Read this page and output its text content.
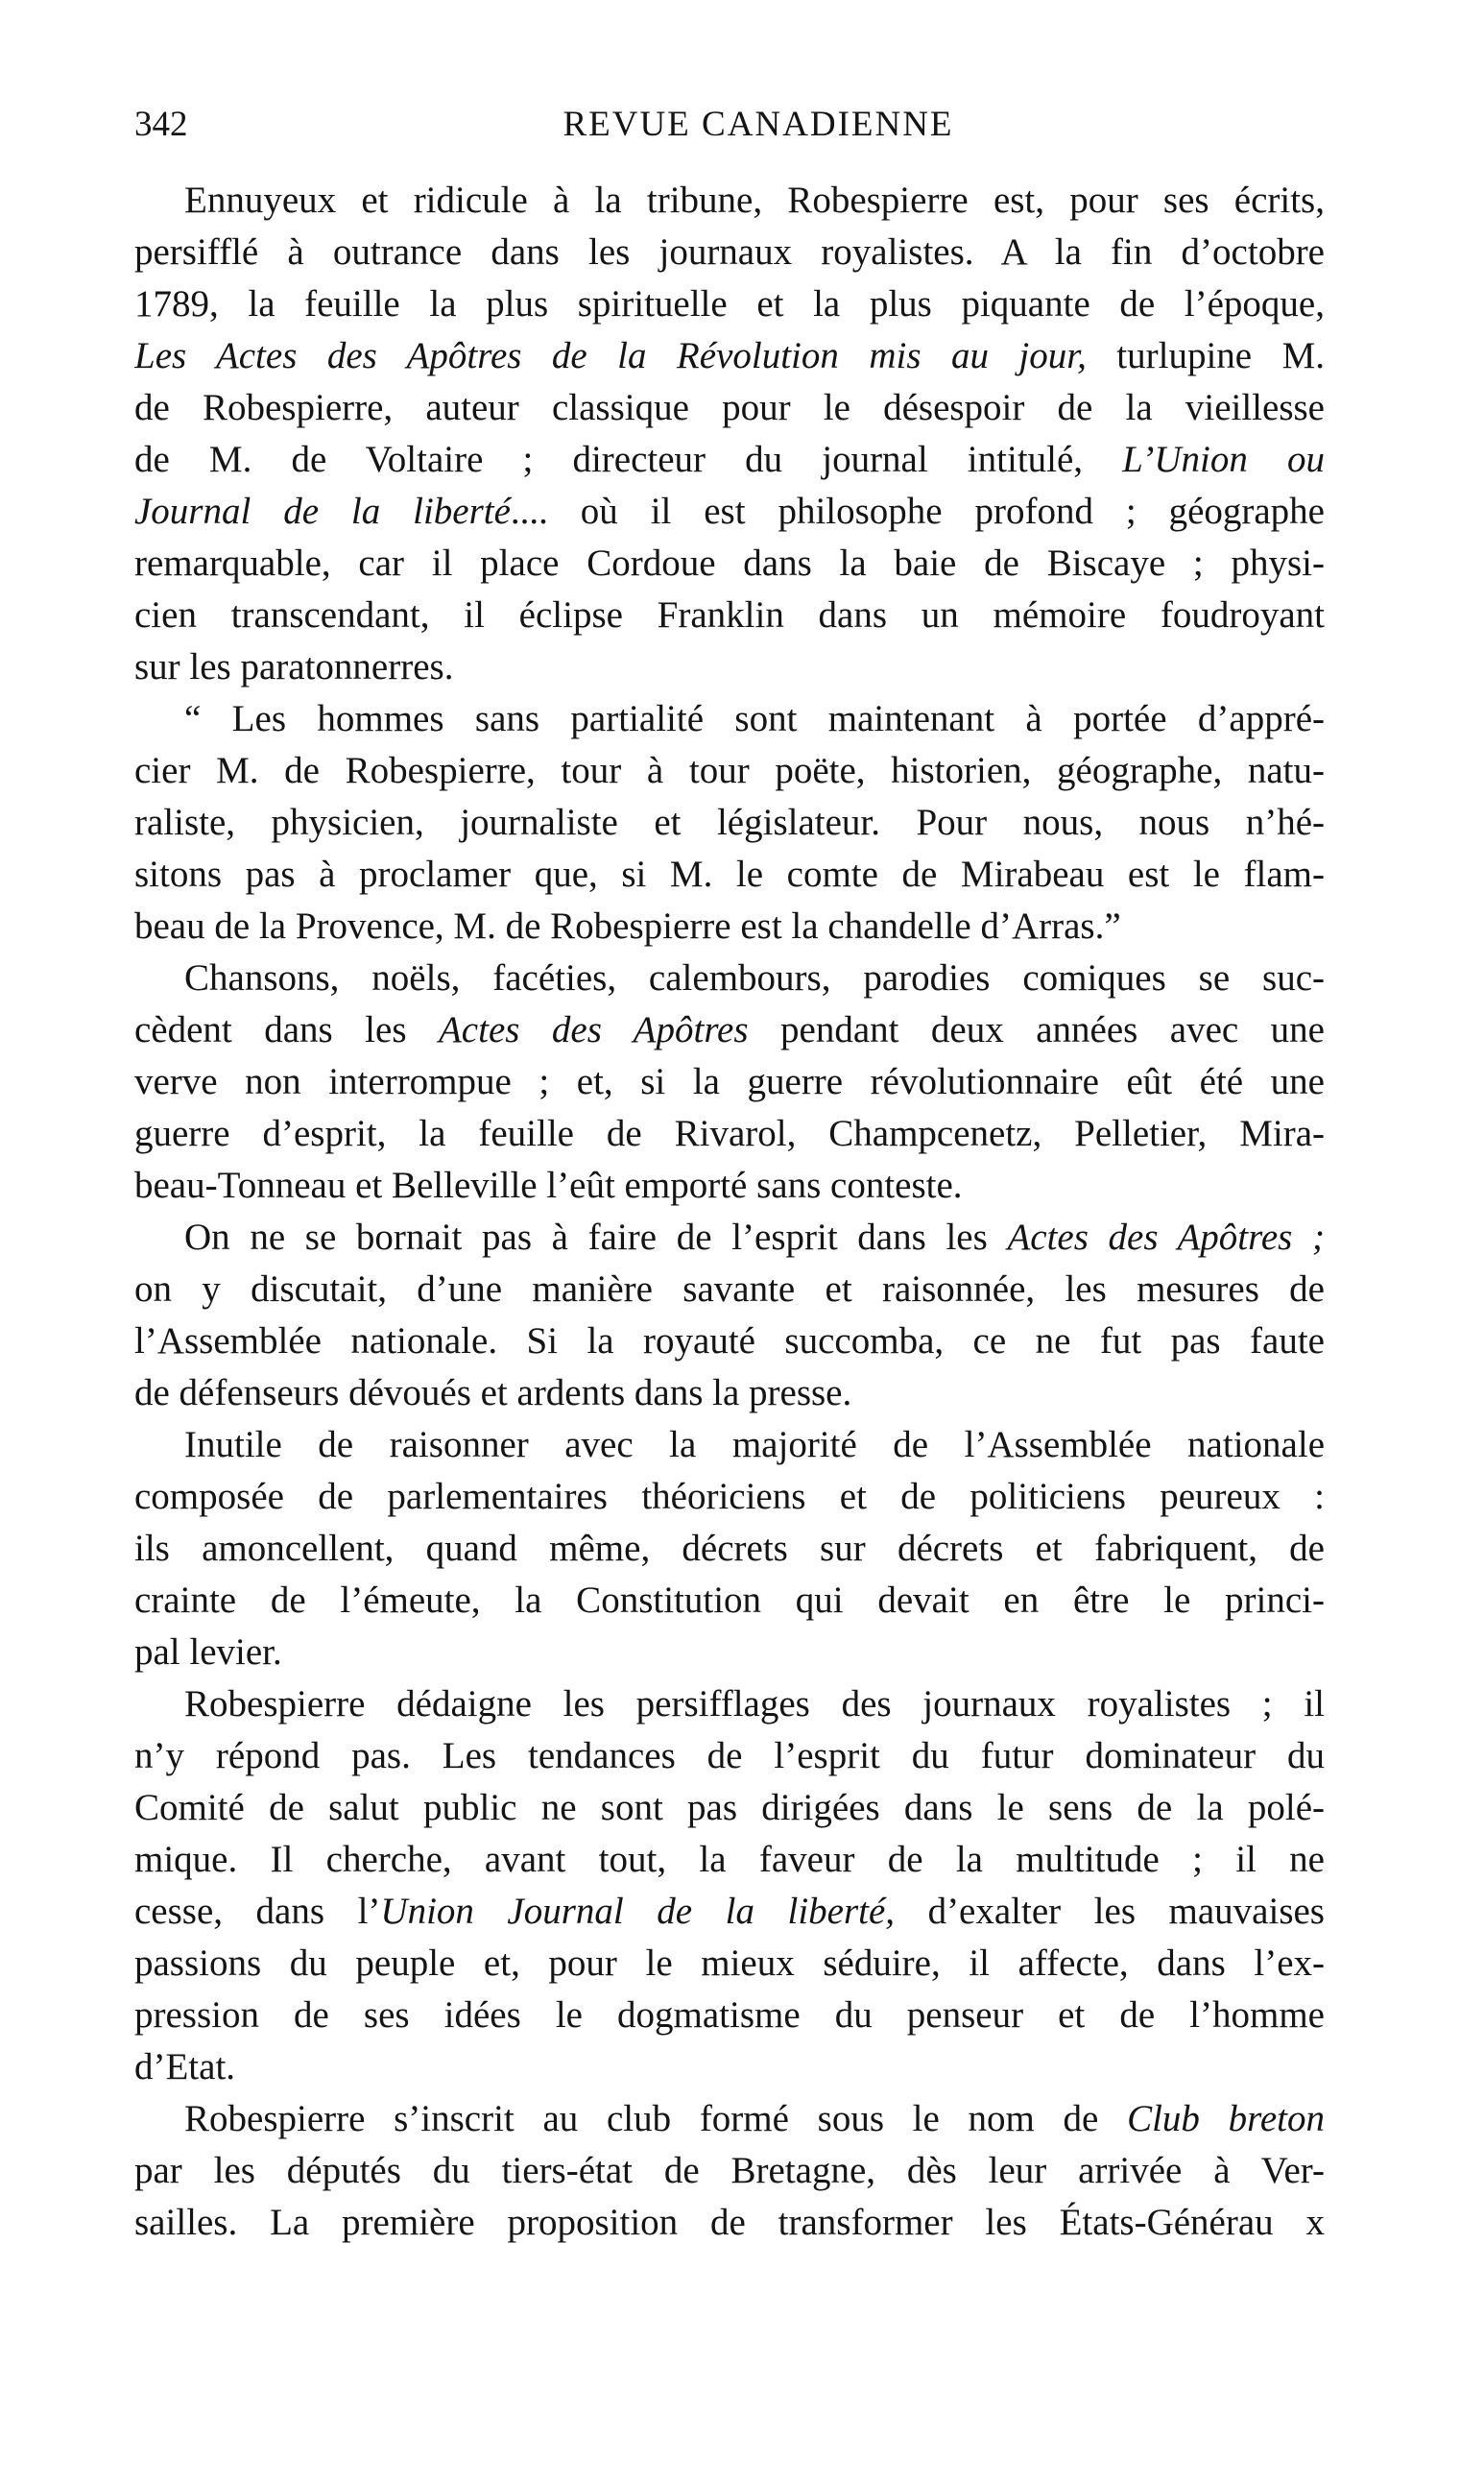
342	REVUE CANADIENNE
Ennuyeux et ridicule à la tribune, Robespierre est, pour ses écrits,
persifflé à outrance dans les journaux royalistes. A la fin d’octobre
1789, la feuille la plus spirituelle et la plus piquante de l’époque,
Les Actes des Apôtres de la Révolution mis au jour, turlupine M.
de Robespierre, auteur classique pour le désespoir de la vieillesse
de M. de Voltaire ; directeur du journal intitulé, L’Union ou
Journal de la liberté.... où il est philosophe profond ; géographe
remarquable, car il place Cordoue dans la baie de Biscaye ; physi-
cien transcendant, il éclipse Franklin dans un mémoire foudroyant
sur les paratonnerres.
“ Les hommes sans partialité sont maintenant à portée d’appré-
cier M. de Robespierre, tour à tour poëte, historien, géographe, natu-
raliste, physicien, journaliste et législateur. Pour nous, nous n’hé-
sitons pas à proclamer que, si M. le comte de Mirabeau est le flam-
beau de la Provence, M. de Robespierre est la chandelle d’Arras.”
Chansons, noëls, facéties, calembours, parodies comiques se suc-
cèdent dans les Actes des Apôtres pendant deux années avec une
verve non interrompue ; et, si la guerre révolutionnaire eût été une
guerre d’esprit, la feuille de Rivarol, Champcenetz, Pelletier, Mira-
beau-Tonneau et Belleville l’eût emporté sans conteste.
On ne se bornait pas à faire de l’esprit dans les Actes des Apôtres ;
on y discutait, d’une manière savante et raisonnée, les mesures de
l’Assemblée nationale. Si la royauté succomba, ce ne fut pas faute
de défenseurs dévoués et ardents dans la presse.
Inutile de raisonner avec la majorité de l’Assemblée nationale
composée de parlementaires théoriciens et de politiciens peureux :
ils amoncellent, quand même, décrets sur décrets et fabriquent, de
crainte de l’émeute, la Constitution qui devait en être le princi-
pal levier.
Robespierre dédaigne les persifflages des journaux royalistes ; il
n’y répond pas. Les tendances de l’esprit du futur dominateur du
Comité de salut public ne sont pas dirigées dans le sens de la polé-
mique. Il cherche, avant tout, la faveur de la multitude ; il ne
cesse, dans l’Union Journal de la liberté, d’exalter les mauvaises
passions du peuple et, pour le mieux séduire, il affecte, dans l’ex-
pression de ses idées le dogmatisme du penseur et de l’homme
d’Etat.
Robespierre s’inscrit au club formé sous le nom de Club breton
par les députés du tiers-état de Bretagne, dès leur arrivée à Ver-
sailles. La première proposition de transformer les États-Générau x
